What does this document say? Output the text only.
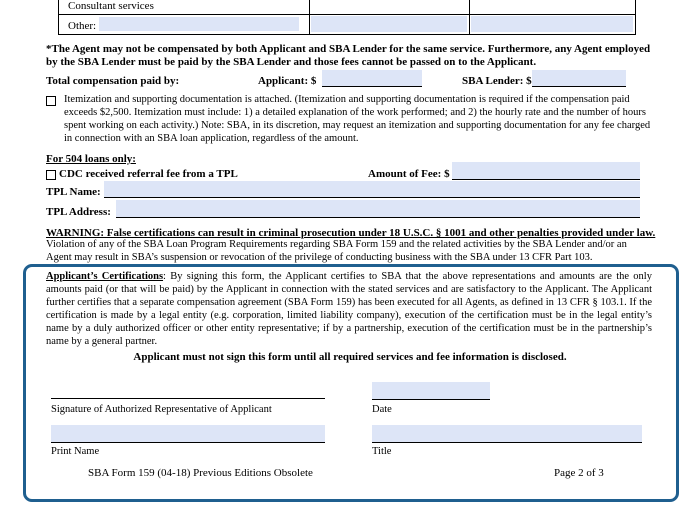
Consultant services
Other:
*The Agent may not be compensated by both Applicant and SBA Lender for the same service. Furthermore, any Agent employed by the SBA Lender must be paid by the SBA Lender and those fees cannot be passed on to the Applicant.
Total compensation paid by:	Applicant: $	SBA Lender: $
Itemization and supporting documentation is attached. (Itemization and supporting documentation is required if the compensation paid exceeds $2,500. Itemization must include: 1) a detailed explanation of the work performed; and 2) the hourly rate and the number of hours spent working on each activity.) Note: SBA, in its discretion, may request an itemization and supporting documentation for any fee charged in connection with an SBA loan application, regardless of the amount.
For 504 loans only:
CDC received referral fee from a TPL	Amount of Fee: $
TPL Name:
TPL Address:
WARNING: False certifications can result in criminal prosecution under 18 U.S.C. § 1001 and other penalties provided under law.
Violation of any of the SBA Loan Program Requirements regarding SBA Form 159 and the related activities by the SBA Lender and/or an Agent may result in SBA’s suspension or revocation of the privilege of conducting business with the SBA under 13 CFR Part 103.
Applicant’s Certifications: By signing this form, the Applicant certifies to SBA that the above representations and amounts are the only amounts paid (or that will be paid) by the Applicant in connection with the stated services and are satisfactory to the Applicant. The Applicant further certifies that a separate compensation agreement (SBA Form 159) has been executed for all Agents, as defined in 13 CFR § 103.1. If the certification is made by a legal entity (e.g. corporation, limited liability company), execution of the certification must be in the legal entity’s name by a duly authorized officer or other entity representative; if by a partnership, execution of the certification must be in the partnership’s name by a general partner.
Applicant must not sign this form until all required services and fee information is disclosed.
Signature of Authorized Representative of Applicant	Date
Print Name	Title
SBA Form 159 (04-18) Previous Editions Obsolete	Page 2 of 3
